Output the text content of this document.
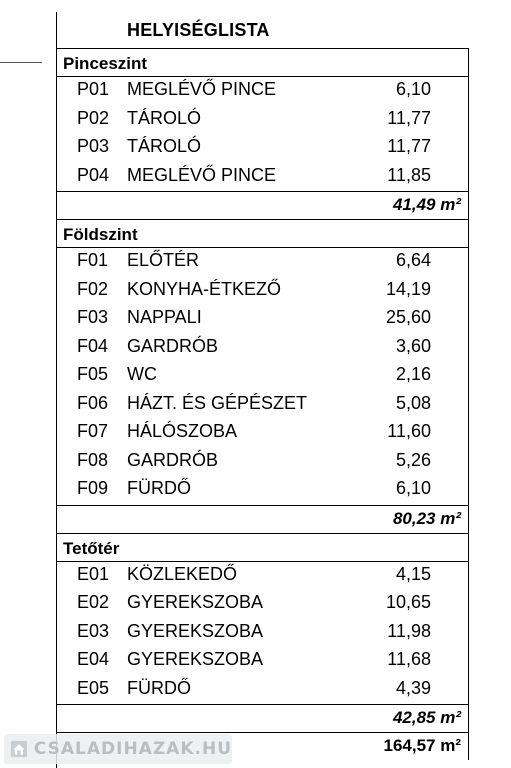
HELYISÉGLISTA
164,57 m²
CSALADIHAZAK.HU
Pinceszint
P01 MEGLÉVŐ PINCE	6,10
P02 TÁROLÓ	11,77
P03 TÁROLÓ	11,77
P04 MEGLÉVŐ PINCE	11,85
41,49 m²
Földszint
F01 ELŐTÉR	6,64
F02 KONYHA-ÉTKEZŐ	14,19
F03 NAPPALI	25,60
F04 GARDRÓB	3,60
F05 WC	2,16
F06 HÁZT. ÉS GÉPÉSZET	5,08
F07 HÁLÓSZOBA	11,60
F08 GARDRÓB	5,26
F09 FÜRDŐ	6,10
80,23 m²
Tetőtér
E01 KÖZLEKEDŐ	4,15
E02 GYEREKSZOBA	10,65
E03 GYEREKSZOBA	11,98
E04 GYEREKSZOBA	11,68
E05 FÜRDŐ	4,39
42,85 m²
